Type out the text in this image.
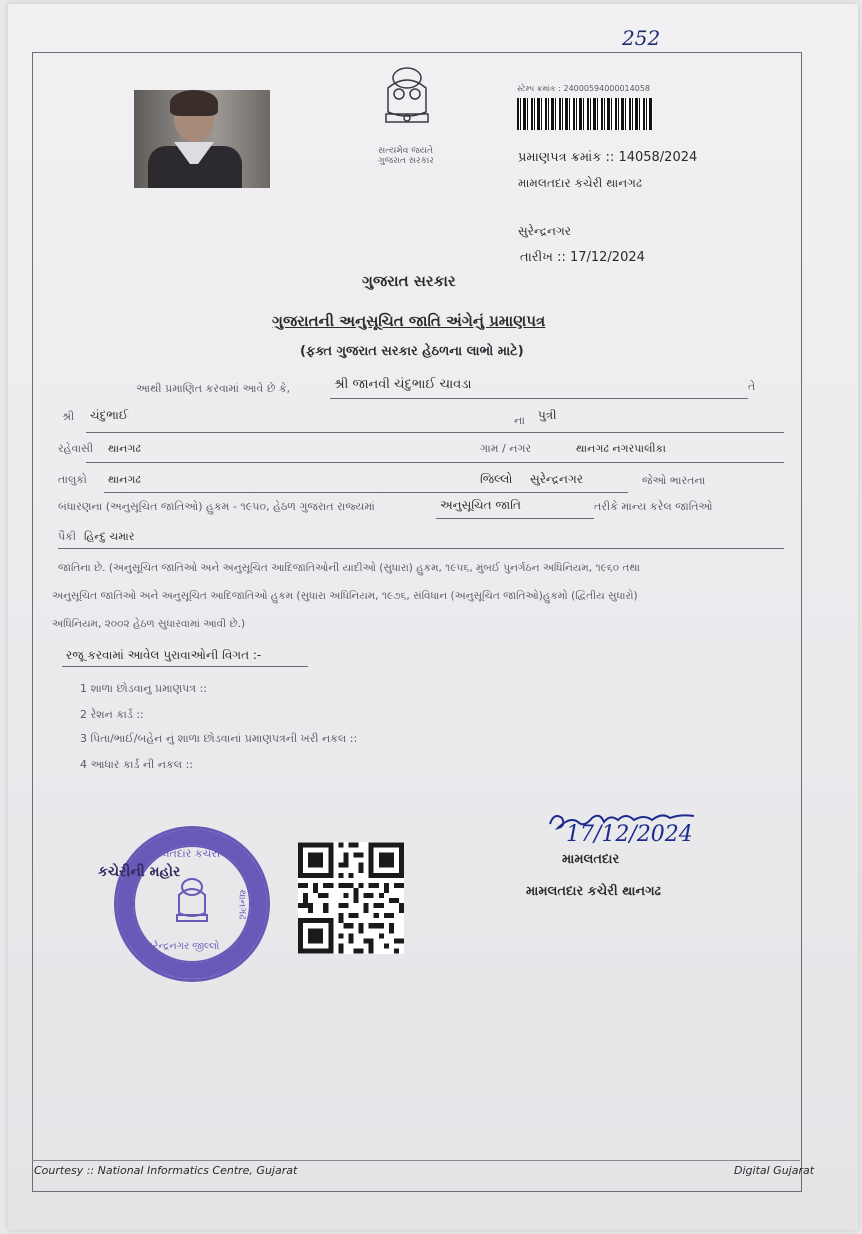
252
સત્યમેવ જયતે
ગુજરાત સરકાર
સ્ટેમ્પ ક્રમાંક : 24000594000014058
પ્રમાણપત્ર ક્રમાંક :: 14058/2024
મામલતદાર કચેરી થાનગઢ
સુરેન્દ્રનગર
તારીખ :: 17/12/2024
ગુજરાત સરકાર
ગુજરાતની અનુસૂચિત જાતિ અંગેનું પ્રમાણપત્ર
(ફક્ત ગુજરાત સરકાર હેઠળના લાભો માટે)
આથી પ્રમાણિત કરવામાં આવે છે કે,	શ્રી જાનવી ચંદુભાઈ ચાવડા	તે
શ્રી ચંદુભાઈ	ના પુત્રી
રહેવાસી થાનગઢ	ગામ / નગર	થાનગઢ નગરપાલીકા
તાલુકો થાનગઢ	જિલ્લો સુરેન્દ્રનગર	જેઓ ભારતના
બંધારણના (અનુસૂચિત જાતિઓ) હુકમ - ૧૯૫૦, હેઠળ ગુજરાત રાજ્યમાં	અનુસૂચિત જાતિ	તરીકે માન્ય કરેલ જાતિઓ
પૈકી હિન્દુ ચમાર
જાતિના છે. (અનુસૂચિત જાતિઓ અને અનુસૂચિત આદિજાતિઓની યાદીઓ (સુધારા) હુકમ, ૧૯૫૬, મુંબઈ પુનર્ગઠન અધિનિયમ, ૧૯૬૦ તથા
અનુસૂચિત જાતિઓ અને અનુસૂચિત આદિજાતિઓ હુકમ (સુધારા અધિનિયમ, ૧૯૭૬, સંવિધાન (અનુસૂચિત જાતિઓ)હુકમો (દ્વિતીય સુધારો)
અધિનિયમ, ૨૦૦૨ હેઠળ સુધારવામાં આવી છે.)
રજૂ કરવામાં આવેલ પુરાવાઓની વિગત :-
1 શાળા છોડવાનુ પ્રમાણપત્ર ::
2 રેશન કાર્ડ ::
3 પિતા/ભાઈ/બહેન નું શાળા છોડવાનાં પ્રમાણપત્રની ખરી નકલ ::
4 આધાર કાર્ડ ની નકલ ::
મામલતદાર કચેરી
થાનગઢ
સુરેન્દ્રનગર જીલ્લો
કચેરીની મહોર
17/12/2024
મામલતદાર
મામલતદાર કચેરી થાનગઢ
Courtesy :: National Informatics Centre, Gujarat	Digital Gujarat
